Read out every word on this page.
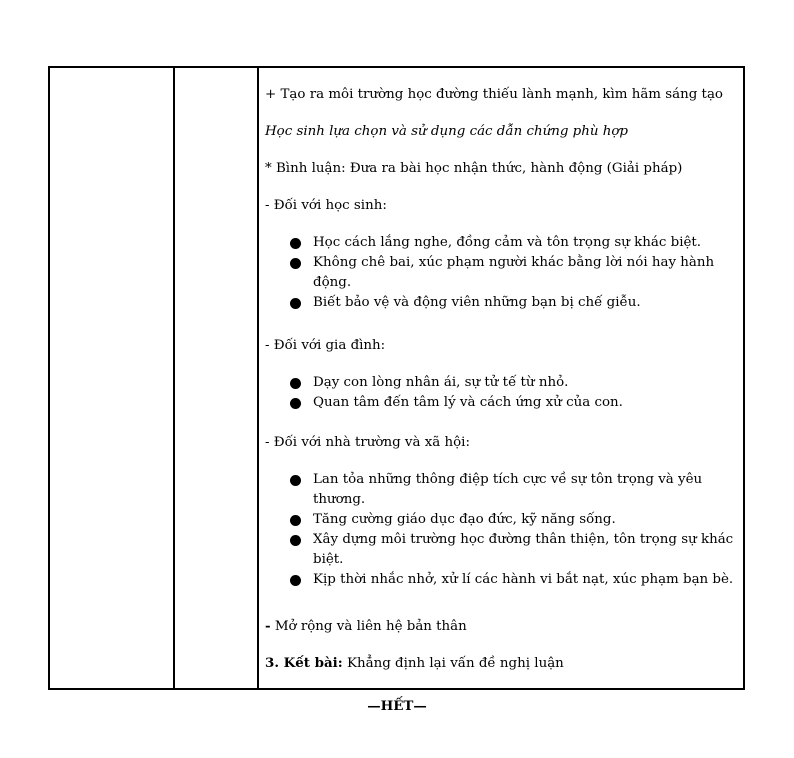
+ Tạo ra môi trường học đường thiếu lành mạnh, kìm hãm sáng tạo
Học sinh lựa chọn và sử dụng các dẫn chứng phù hợp
* Bình luận: Đưa ra bài học nhận thức, hành động (Giải pháp)
- Đối với học sinh:
Học cách lắng nghe, đồng cảm và tôn trọng sự khác biệt.
Không chê bai, xúc phạm người khác bằng lời nói hay hành động.
Biết bảo vệ và động viên những bạn bị chế giễu.
- Đối với gia đình:
Dạy con lòng nhân ái, sự tử tế từ nhỏ.
Quan tâm đến tâm lý và cách ứng xử của con.
- Đối với nhà trường và xã hội:
Lan tỏa những thông điệp tích cực về sự tôn trọng và yêu thương.
Tăng cường giáo dục đạo đức, kỹ năng sống.
Xây dựng môi trường học đường thân thiện, tôn trọng sự khác biệt.
Kịp thời nhắc nhở, xử lí các hành vi bắt nạt, xúc phạm bạn bè.
- Mở rộng và liên hệ bản thân
3. Kết bài: Khẳng định lại vấn đề nghị luận
—HẾT—
